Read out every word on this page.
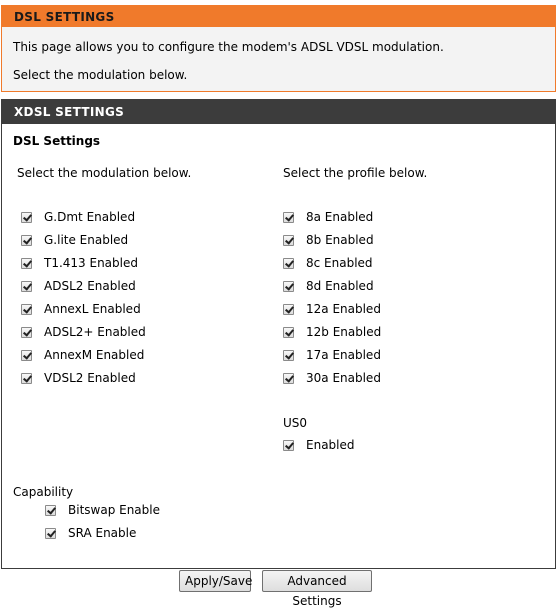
DSL SETTINGS
This page allows you to configure the modem's ADSL VDSL modulation.
Select the modulation below.
XDSL SETTINGS
DSL Settings
Select the modulation below.	Select the profile below.
G.Dmt Enabled
G.lite Enabled
T1.413 Enabled
ADSL2 Enabled
AnnexL Enabled
ADSL2+ Enabled
AnnexM Enabled
VDSL2 Enabled
8a Enabled
8b Enabled
8c Enabled
8d Enabled
12a Enabled
12b Enabled
17a Enabled
30a Enabled
US0
Enabled
Capability
Bitswap Enable
SRA Enable
Apply/Save	Advanced Settings
